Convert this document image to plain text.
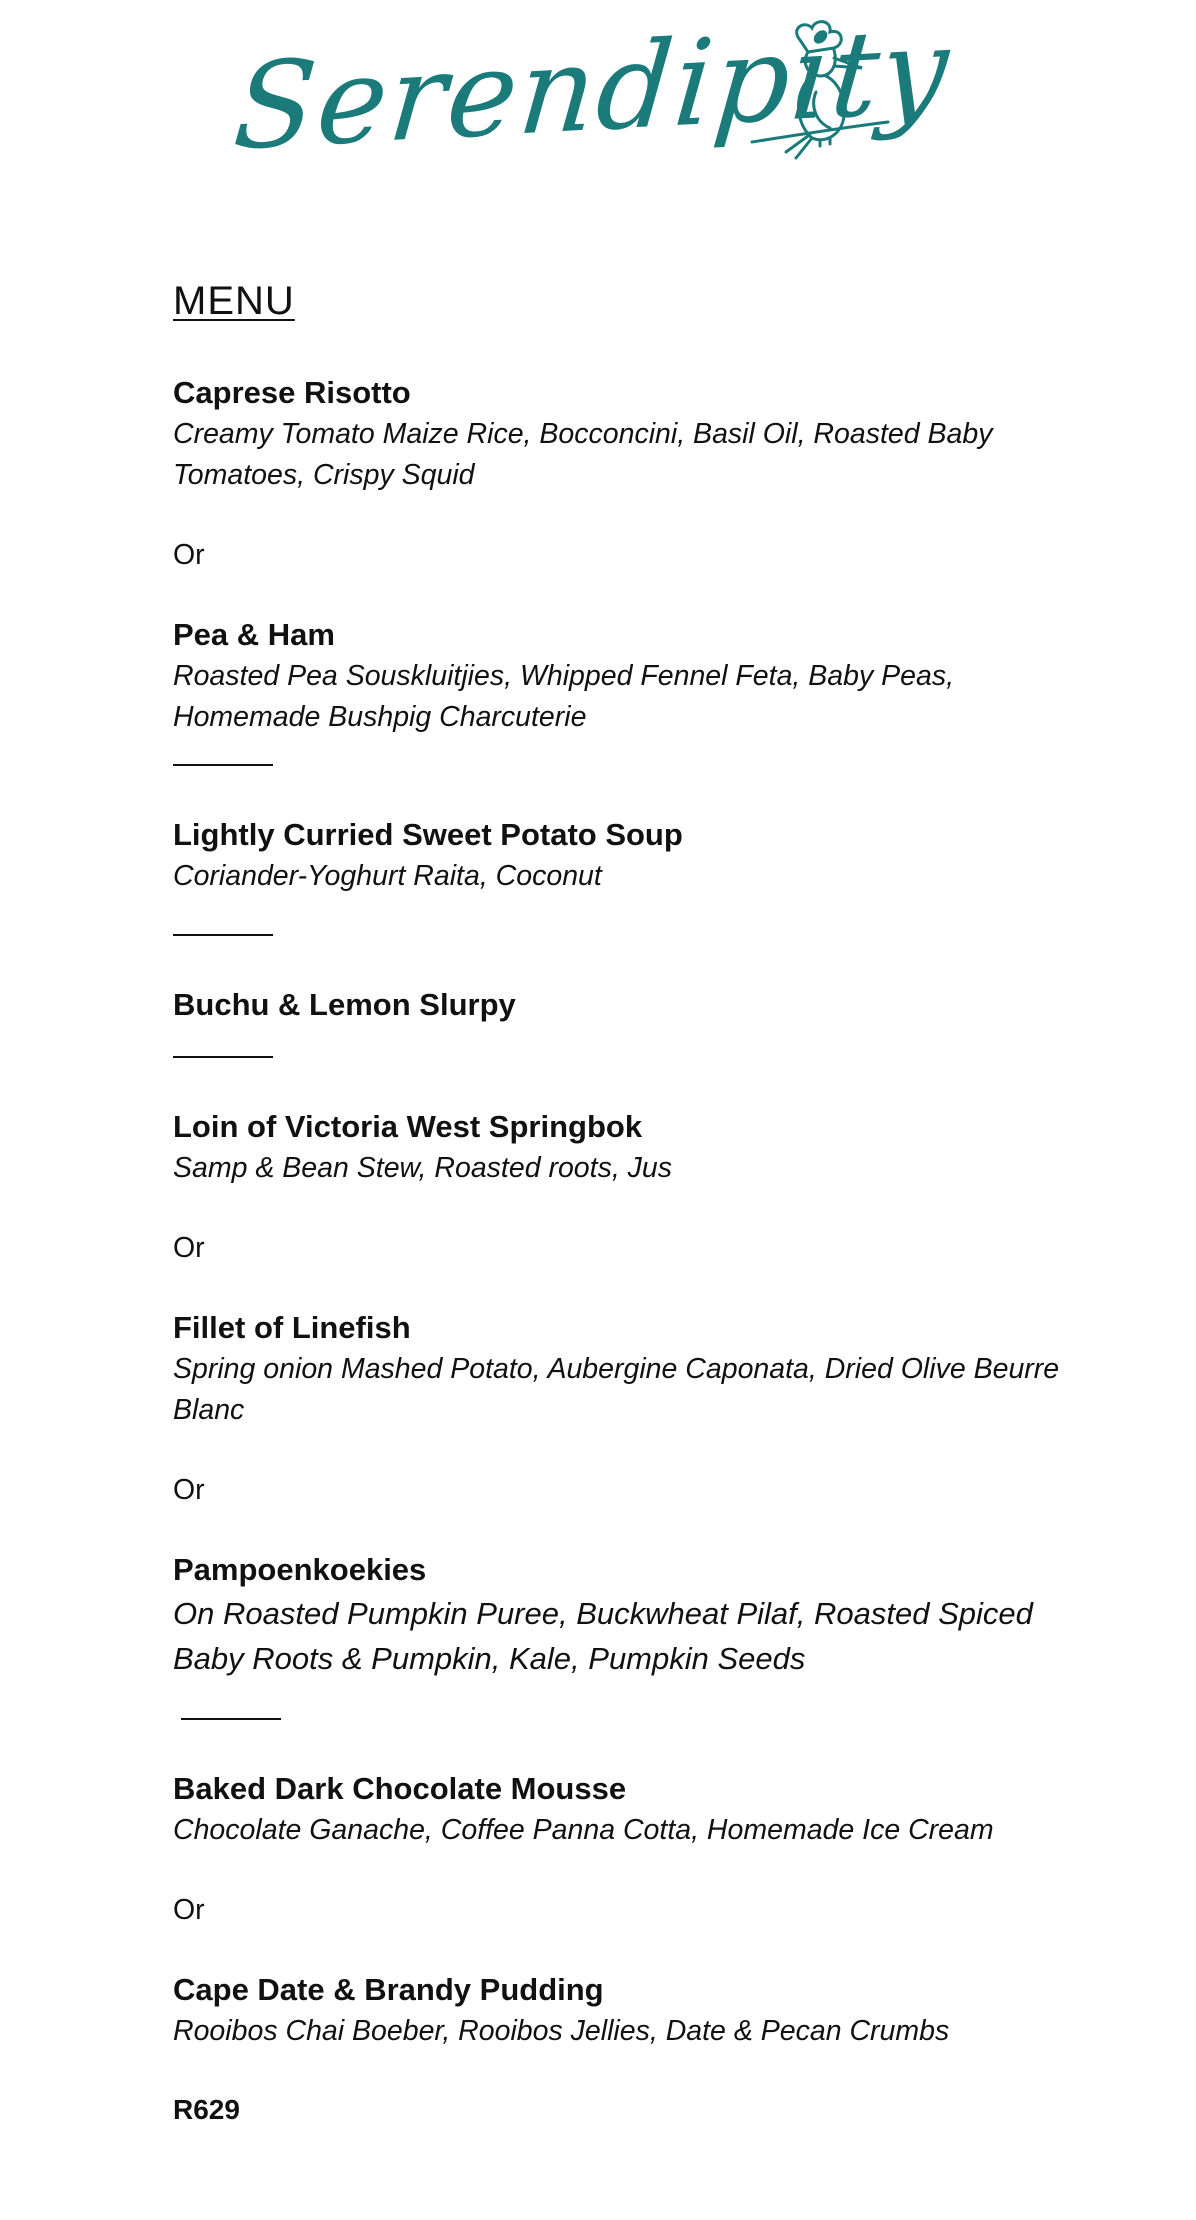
Serendipity
MENU
Caprese Risotto
Creamy Tomato Maize Rice, Bocconcini, Basil Oil, Roasted Baby Tomatoes, Crispy Squid
Or
Pea & Ham
Roasted Pea Souskluitjies, Whipped Fennel Feta, Baby Peas, Homemade Bushpig Charcuterie
Lightly Curried Sweet Potato Soup
Coriander-Yoghurt Raita, Coconut
Buchu & Lemon Slurpy
Loin of Victoria West Springbok
Samp & Bean Stew, Roasted roots, Jus
Or
Fillet of Linefish
Spring onion Mashed Potato, Aubergine Caponata, Dried Olive Beurre Blanc
Or
Pampoenkoekies
On Roasted Pumpkin Puree, Buckwheat Pilaf, Roasted Spiced Baby Roots & Pumpkin, Kale, Pumpkin Seeds
Baked Dark Chocolate Mousse
Chocolate Ganache, Coffee Panna Cotta, Homemade Ice Cream
Or
Cape Date & Brandy Pudding
Rooibos Chai Boeber, Rooibos Jellies, Date & Pecan Crumbs
R629
